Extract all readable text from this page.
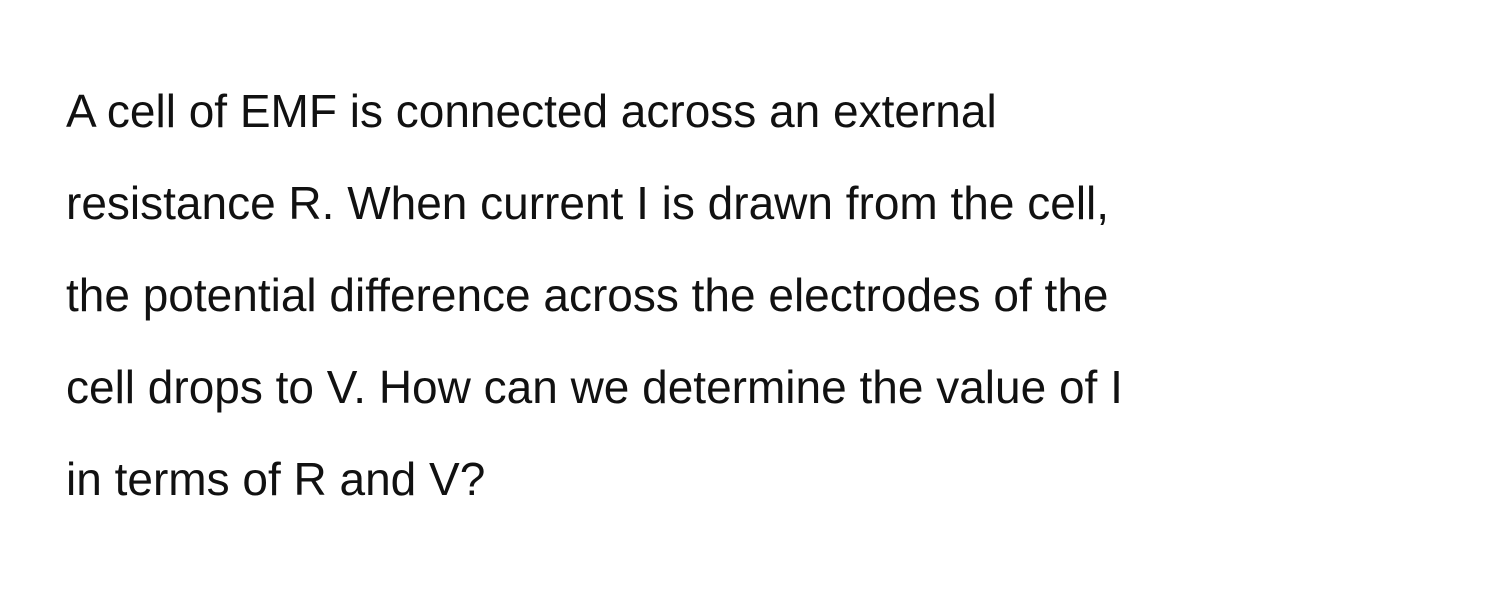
A cell of EMF is connected across an external
resistance R. When current I is drawn from the cell,
the potential difference across the electrodes of the
cell drops to V. How can we determine the value of I
in terms of R and V?
